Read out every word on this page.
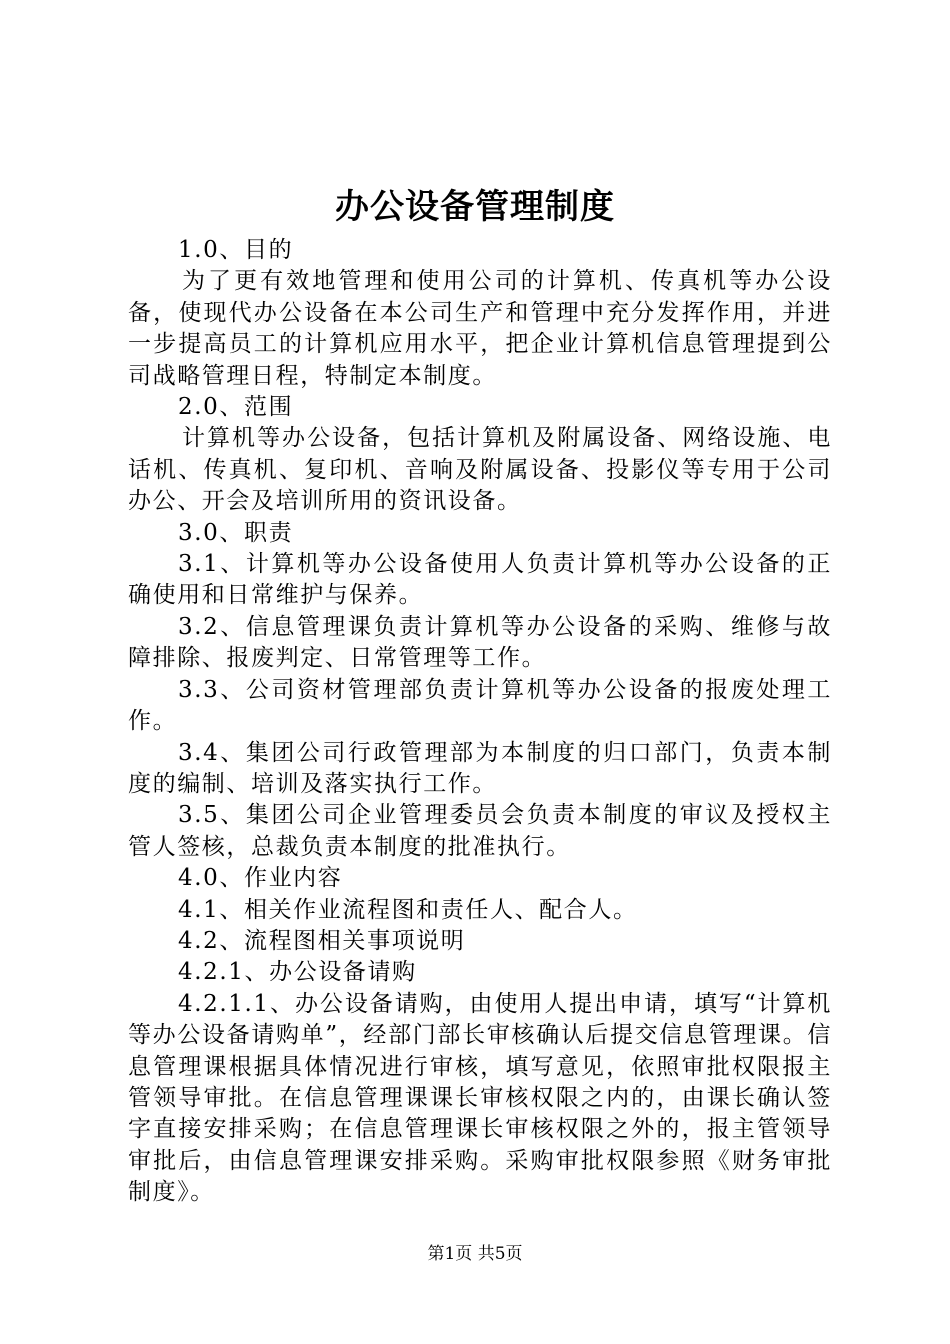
办公设备管理制度

1.0、目的

为了更有效地管理和使用公司的计算机、传真机等办公设备，使现代办公设备在本公司生产和管理中充分发挥作用，并进一步提高员工的计算机应用水平，把企业计算机信息管理提到公司战略管理日程，特制定本制度。

2.0、范围

计算机等办公设备，包括计算机及附属设备、网络设施、电话机、传真机、复印机、音响及附属设备、投影仪等专用于公司办公、开会及培训所用的资讯设备。

3.0、职责

3.1、计算机等办公设备使用人负责计算机等办公设备的正确使用和日常维护与保养。

3.2、信息管理课负责计算机等办公设备的采购、维修与故障排除、报废判定、日常管理等工作。

3.3、公司资材管理部负责计算机等办公设备的报废处理工作。

3.4、集团公司行政管理部为本制度的归口部门，负责本制度的编制、培训及落实执行工作。

3.5、集团公司企业管理委员会负责本制度的审议及授权主管人签核，总裁负责本制度的批准执行。

4.0、作业内容

4.1、相关作业流程图和责任人、配合人。

4.2、流程图相关事项说明

4.2.1、办公设备请购

4.2.1.1、办公设备请购，由使用人提出申请，填写“计算机等办公设备请购单”，经部门部长审核确认后提交信息管理课。信息管理课根据具体情况进行审核，填写意见，依照审批权限报主管领导审批。在信息管理课课长审核权限之内的，由课长确认签字直接安排采购；在信息管理课长审核权限之外的，报主管领导审批后，由信息管理课安排采购。采购审批权限参照《财务审批制度》。

第1页 共5页
